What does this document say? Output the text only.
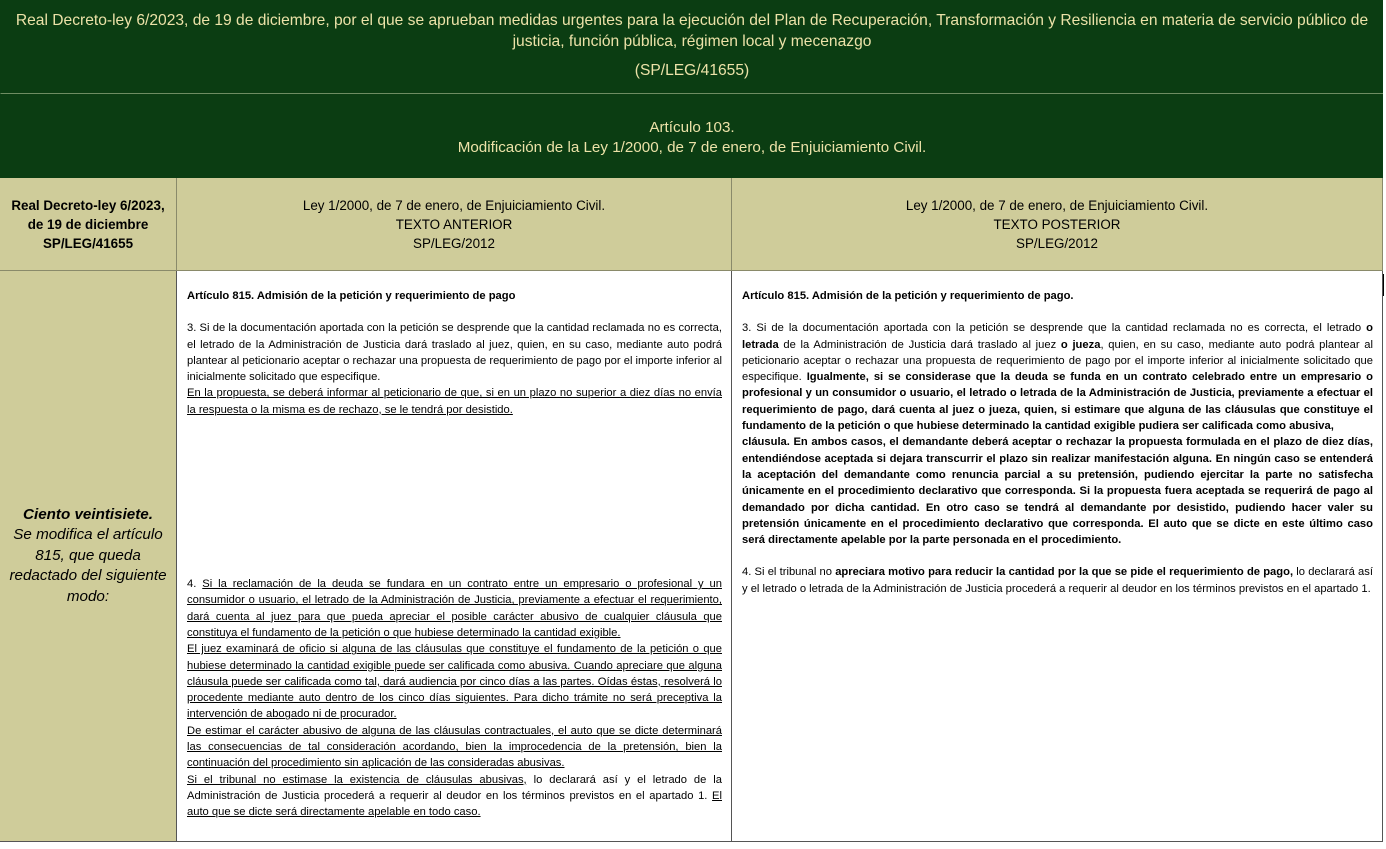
Real Decreto-ley 6/2023, de 19 de diciembre, por el que se aprueban medidas urgentes para la ejecución del Plan de Recuperación, Transformación y Resiliencia en materia de servicio público de justicia, función pública, régimen local y mecenazgo
(SP/LEG/41655)
Artículo 103.
Modificación de la Ley 1/2000, de 7 de enero, de Enjuiciamiento Civil.
Real Decreto-ley 6/2023,
de 19 de diciembre
SP/LEG/41655
Ley 1/2000, de 7 de enero, de Enjuiciamiento Civil.
TEXTO ANTERIOR
SP/LEG/2012
Ley 1/2000, de 7 de enero, de Enjuiciamiento Civil.
TEXTO POSTERIOR
SP/LEG/2012
Ciento veintisiete.
Se modifica el artículo 815, que queda redactado del siguiente modo:

Artículo 815. Admisión de la petición y requerimiento de pago

3. Si de la documentación aportada con la petición se desprende que la cantidad reclamada no es correcta, el letrado de la Administración de Justicia dará traslado al juez, quien, en su caso, mediante auto podrá plantear al peticionario aceptar o rechazar una propuesta de requerimiento de pago por el importe inferior al inicialmente solicitado que especifique.

En la propuesta, se deberá informar al peticionario de que, si en un plazo no superior a diez días no envía la respuesta o la misma es de rechazo, se le tendrá por desistido.

4. Si la reclamación de la deuda se fundara en un contrato entre un empresario o profesional y un consumidor o usuario, el letrado de la Administración de Justicia, previamente a efectuar el requerimiento, dará cuenta al juez para que pueda apreciar el posible carácter abusivo de cualquier cláusula que constituya el fundamento de la petición o que hubiese determinado la cantidad exigible.

El juez examinará de oficio si alguna de las cláusulas que constituye el fundamento de la petición o que hubiese determinado la cantidad exigible puede ser calificada como abusiva. Cuando apreciare que alguna cláusula puede ser calificada como tal, dará audiencia por cinco días a las partes. Oídas éstas, resolverá lo procedente mediante auto dentro de los cinco días siguientes. Para dicho trámite no será preceptiva la intervención de abogado ni de procurador.

De estimar el carácter abusivo de alguna de las cláusulas contractuales, el auto que se dicte determinará las consecuencias de tal consideración acordando, bien la improcedencia de la pretensión, bien la continuación del procedimiento sin aplicación de las consideradas abusivas.

Si el tribunal no estimase la existencia de cláusulas abusivas, lo declarará así y el letrado de la Administración de Justicia procederá a requerir al deudor en los términos previstos en el apartado 1. El auto que se dicte será directamente apelable en todo caso.

Artículo 815. Admisión de la petición y requerimiento de pago.

3. Si de la documentación aportada con la petición se desprende que la cantidad reclamada no es correcta, el letrado o letrada de la Administración de Justicia dará traslado al juez o jueza, quien, en su caso, mediante auto podrá plantear al peticionario aceptar o rechazar una propuesta de requerimiento de pago por el importe inferior al inicialmente solicitado que especifique. Igualmente, si se considerase que la deuda se funda en un contrato celebrado entre un empresario o profesional y un consumidor o usuario, el letrado o letrada de la Administración de Justicia, previamente a efectuar el requerimiento de pago, dará cuenta al juez o jueza, quien, si estimare que alguna de las cláusulas que constituye el fundamento de la petición o que hubiese determinado la cantidad exigible pudiera ser calificada como abusiva,

cláusula. En ambos casos, el demandante deberá aceptar o rechazar la propuesta formulada en el plazo de diez días, entendiéndose aceptada si dejara transcurrir el plazo sin realizar manifestación alguna. En ningún caso se entenderá la aceptación del demandante como renuncia parcial a su pretensión, pudiendo ejercitar la parte no satisfecha únicamente en el procedimiento declarativo que corresponda. Si la propuesta fuera aceptada se requerirá de pago al demandado por dicha cantidad. En otro caso se tendrá al demandante por desistido, pudiendo hacer valer su pretensión únicamente en el procedimiento declarativo que corresponda. El auto que se dicte en este último caso será directamente apelable por la parte personada en el procedimiento.

4. Si el tribunal no apreciara motivo para reducir la cantidad por la que se pide el requerimiento de pago, lo declarará así y el letrado o letrada de la Administración de Justicia procederá a requerir al deudor en los términos previstos en el apartado 1.
